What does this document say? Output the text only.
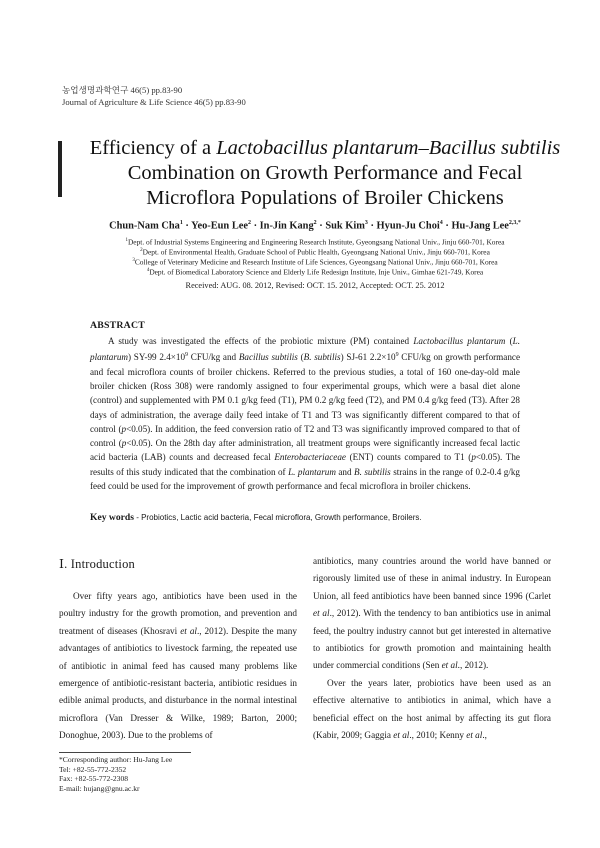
농업생명과학연구 46(5) pp.83-90
Journal of Agriculture & Life Science 46(5) pp.83-90
Efficiency of a Lactobacillus plantarum–Bacillus subtilis
Combination on Growth Performance and Fecal
Microflora Populations of Broiler Chickens
Chun-Nam Cha$^1$ · Yeo-Eun Lee$^2$ · In-Jin Kang$^2$ · Suk Kim$^3$ · Hyun-Ju Choi$^4$ · Hu-Jang Lee$^{2,3,*}$
$^1$Dept. of Industrial Systems Engineering and Engineering Research Institute, Gyeongsang National Univ., Jinju 660-701, Korea
$^2$Dept. of Environmental Health, Graduate School of Public Health, Gyeongsang National Univ., Jinju 660-701, Korea
$^3$College of Veterinary Medicine and Research Institute of Life Sciences, Gyeongsang National Univ., Jinju 660-701, Korea
$^4$Dept. of Biomedical Laboratory Science and Elderly Life Redesign Institute, Inje Univ., Gimhae 621-749, Korea
Received: AUG. 08. 2012, Revised: OCT. 15. 2012, Accepted: OCT. 25. 2012
ABSTRACT

A study was investigated the effects of the probiotic mixture (PM) contained Lactobacillus plantarum (L. plantarum) SY-99 $2.4\times 10^9$ CFU/kg and Bacillus subtilis (B. subtilis) SJ-61 $2.2\times 10^9$ CFU/kg on growth performance and fecal microflora counts of broiler chickens. Referred to the previous studies, a total of 160 one-day-old male broiler chicken (Ross 308) were randomly assigned to four experimental groups, which were a basal diet alone (control) and supplemented with PM 0.1 g/kg feed (T1), PM 0.2 g/kg feed (T2), and PM 0.4 g/kg feed (T3). After 28 days of administration, the average daily feed intake of T1 and T3 was significantly different compared to that of control (p<0.05). In addition, the feed conversion ratio of T2 and T3 was significantly improved compared to that of control (p<0.05). On the 28th day after administration, all treatment groups were significantly increased fecal lactic acid bacteria (LAB) counts and decreased fecal Enterobacteriaceae (ENT) counts compared to T1 (p<0.05). The results of this study indicated that the combination of L. plantarum and B. subtilis strains in the range of 0.2-0.4 g/kg feed could be used for the improvement of growth performance and fecal microflora in broiler chickens.

Key words - Probiotics, Lactic acid bacteria, Fecal microflora, Growth performance, Broilers.
Ⅰ. Introduction

Over fifty years ago, antibiotics have been used in the poultry industry for the growth promotion, and prevention and treatment of diseases (Khosravi et al., 2012). Despite the many advantages of antibiotics to livestock farming, the repeated use of antibiotic in animal feed has caused many problems like emergence of antibiotic-resistant bacteria, antibiotic residues in edible animal products, and disturbance in the normal intestinal microflora (Van Dresser & Wilke, 1989; Barton, 2000; Donoghue, 2003). Due to the problems of

antibiotics, many countries around the world have banned or rigorously limited use of these in animal industry. In European Union, all feed antibiotics have been banned since 1996 (Carlet et al., 2012). With the tendency to ban antibiotics use in animal feed, the poultry industry cannot but get interested in alternative to antibiotics for growth promotion and maintaining health under commercial conditions (Sen et al., 2012).

Over the years later, probiotics have been used as an effective alternative to antibiotics in animal, which have a beneficial effect on the host animal by affecting its gut flora (Kabir, 2009; Gaggia et al., 2010; Kenny et al.,

*Corresponding author: Hu-Jang Lee
Tel: +82-55-772-2352
Fax: +82-55-772-2308
E-mail: hujang@gnu.ac.kr
